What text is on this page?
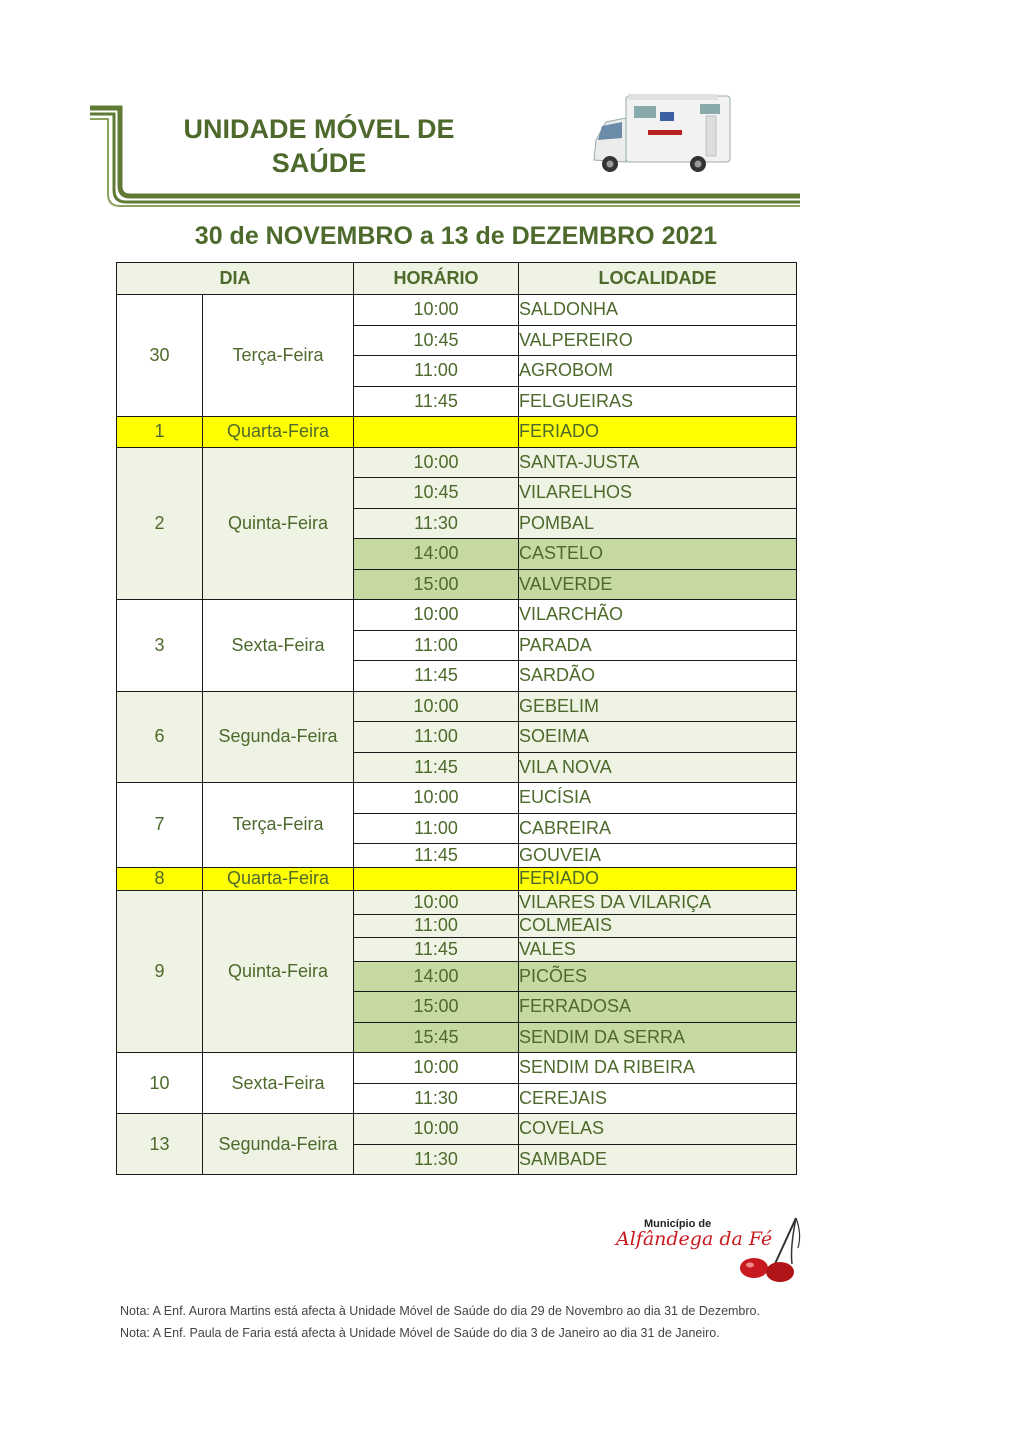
UNIDADE MÓVEL DE
SAÚDE
30 de NOVEMBRO a 13 de DEZEMBRO 2021
DIA		HORÁRIO	LOCALIDADE
30	Terça-Feira	10:00	SALDONHA
		10:45	VALPEREIRO
		11:00	AGROBOM
		11:45	FELGUEIRAS
1	Quarta-Feira		FERIADO
2	Quinta-Feira	10:00	SANTA-JUSTA
		10:45	VILARELHOS
		11:30	POMBAL
		14:00	CASTELO
		15:00	VALVERDE
3	Sexta-Feira	10:00	VILARCHÃO
		11:00	PARADA
		11:45	SARDÃO
6	Segunda-Feira	10:00	GEBELIM
		11:00	SOEIMA
		11:45	VILA NOVA
7	Terça-Feira	10:00	EUCÍSIA
		11:00	CABREIRA
		11:45	GOUVEIA
8	Quarta-Feira		FERIADO
9	Quinta-Feira	10:00	VILARES DA VILARIÇA
		11:00	COLMEAIS
		11:45	VALES
		14:00	PICÕES
		15:00	FERRADOSA
		15:45	SENDIM DA SERRA
10	Sexta-Feira	10:00	SENDIM DA RIBEIRA
		11:30	CEREJAIS
13	Segunda-Feira	10:00	COVELAS
		11:30	SAMBADE
Município de
Alfândega da Fé
Nota: A Enf. Aurora Martins está afecta à Unidade Móvel de Saúde do dia 29 de Novembro ao dia 31 de Dezembro.
Nota: A Enf. Paula de Faria está afecta à Unidade Móvel de Saúde do dia 3 de Janeiro ao dia 31 de Janeiro.
